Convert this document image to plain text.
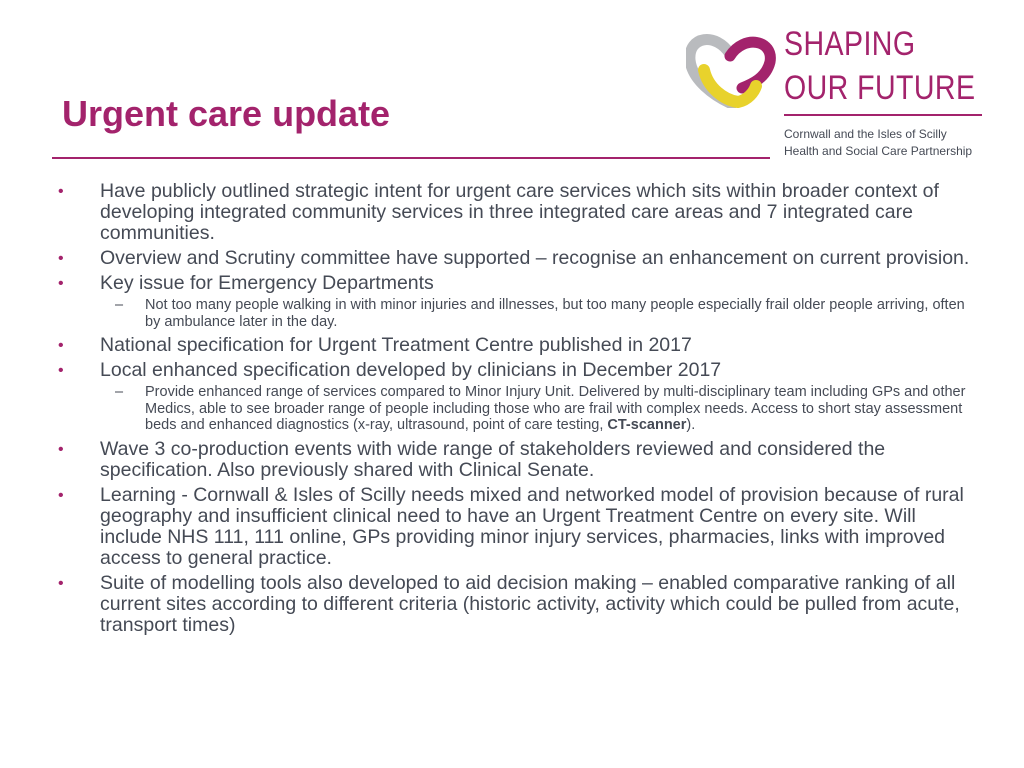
SHAPING
OUR FUTURE
Cornwall and the Isles of Scilly
Health and Social Care Partnership
Urgent care update
• Have publicly outlined strategic intent for urgent care services which sits within broader context of developing integrated community services in three integrated care areas and 7 integrated care communities.
• Overview and Scrutiny committee have supported – recognise an enhancement on current provision.
• Key issue for Emergency Departments
– Not too many people walking in with minor injuries and illnesses, but too many people especially frail older people arriving, often by ambulance later in the day.
• National specification for Urgent Treatment Centre published in 2017
• Local enhanced specification developed by clinicians in December 2017
– Provide enhanced range of services compared to Minor Injury Unit. Delivered by multi-disciplinary team including GPs and other Medics, able to see broader range of people including those who are frail with complex needs. Access to short stay assessment beds and enhanced diagnostics (x-ray, ultrasound, point of care testing, CT-scanner).
• Wave 3 co-production events with wide range of stakeholders reviewed and considered the specification. Also previously shared with Clinical Senate.
• Learning - Cornwall & Isles of Scilly needs mixed and networked model of provision because of rural geography and insufficient clinical need to have an Urgent Treatment Centre on every site. Will include NHS 111, 111 online, GPs providing minor injury services, pharmacies, links with improved access to general practice.
• Suite of modelling tools also developed to aid decision making – enabled comparative ranking of all current sites according to different criteria (historic activity, activity which could be pulled from acute, transport times)
